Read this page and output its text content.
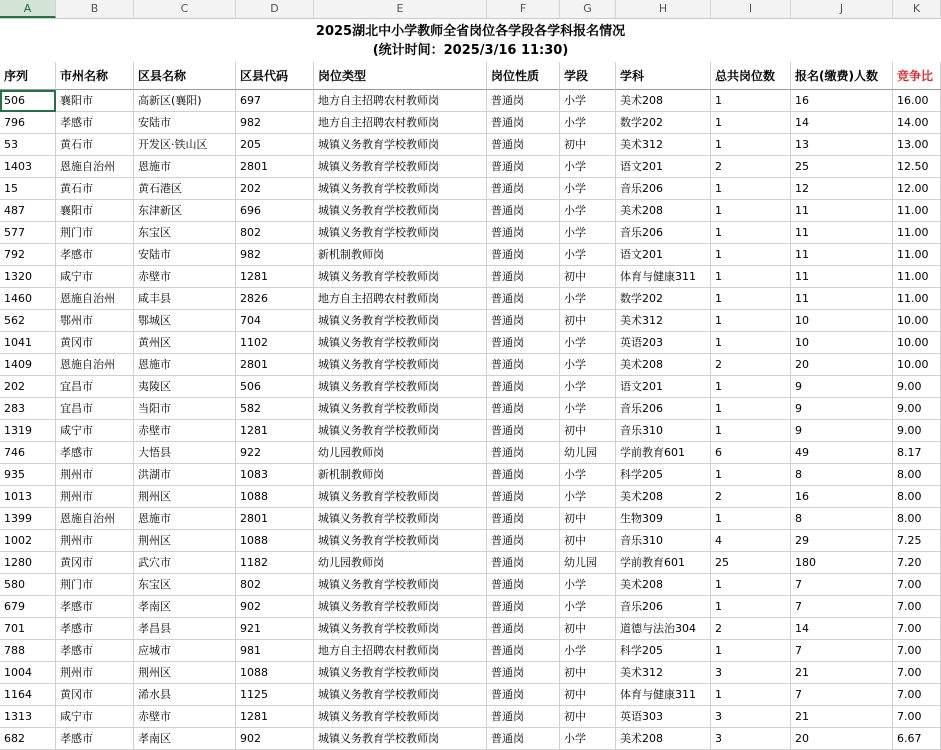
A	B	C	D	E	F	G	H	I	J	K
2025湖北中小学教师全省岗位各学段各学科报名情况
(统计时间：2025/3/16 11:30)
序列	市州名称	区县名称	区县代码	岗位类型	岗位性质	学段	学科	总共岗位数	报名(缴费)人数	竞争比
506	襄阳市	高新区(襄阳)	697	地方自主招聘农村教师岗	普通岗	小学	美术208	1	16	16.00
796	孝感市	安陆市	982	地方自主招聘农村教师岗	普通岗	小学	数学202	1	14	14.00
53	黄石市	开发区·铁山区	205	城镇义务教育学校教师岗	普通岗	初中	美术312	1	13	13.00
1403	恩施自治州	恩施市	2801	城镇义务教育学校教师岗	普通岗	小学	语文201	2	25	12.50
15	黄石市	黄石港区	202	城镇义务教育学校教师岗	普通岗	小学	音乐206	1	12	12.00
487	襄阳市	东津新区	696	城镇义务教育学校教师岗	普通岗	小学	美术208	1	11	11.00
577	荆门市	东宝区	802	城镇义务教育学校教师岗	普通岗	小学	音乐206	1	11	11.00
792	孝感市	安陆市	982	新机制教师岗	普通岗	小学	语文201	1	11	11.00
1320	咸宁市	赤壁市	1281	城镇义务教育学校教师岗	普通岗	初中	体育与健康311	1	11	11.00
1460	恩施自治州	咸丰县	2826	地方自主招聘农村教师岗	普通岗	小学	数学202	1	11	11.00
562	鄂州市	鄂城区	704	城镇义务教育学校教师岗	普通岗	初中	美术312	1	10	10.00
1041	黄冈市	黄州区	1102	城镇义务教育学校教师岗	普通岗	小学	英语203	1	10	10.00
1409	恩施自治州	恩施市	2801	城镇义务教育学校教师岗	普通岗	小学	美术208	2	20	10.00
202	宜昌市	夷陵区	506	城镇义务教育学校教师岗	普通岗	小学	语文201	1	9	9.00
283	宜昌市	当阳市	582	城镇义务教育学校教师岗	普通岗	小学	音乐206	1	9	9.00
1319	咸宁市	赤壁市	1281	城镇义务教育学校教师岗	普通岗	初中	音乐310	1	9	9.00
746	孝感市	大悟县	922	幼儿园教师岗	普通岗	幼儿园	学前教育601	6	49	8.17
935	荆州市	洪湖市	1083	新机制教师岗	普通岗	小学	科学205	1	8	8.00
1013	荆州市	荆州区	1088	城镇义务教育学校教师岗	普通岗	小学	美术208	2	16	8.00
1399	恩施自治州	恩施市	2801	城镇义务教育学校教师岗	普通岗	初中	生物309	1	8	8.00
1002	荆州市	荆州区	1088	城镇义务教育学校教师岗	普通岗	初中	音乐310	4	29	7.25
1280	黄冈市	武穴市	1182	幼儿园教师岗	普通岗	幼儿园	学前教育601	25	180	7.20
580	荆门市	东宝区	802	城镇义务教育学校教师岗	普通岗	小学	美术208	1	7	7.00
679	孝感市	孝南区	902	城镇义务教育学校教师岗	普通岗	小学	音乐206	1	7	7.00
701	孝感市	孝昌县	921	城镇义务教育学校教师岗	普通岗	初中	道德与法治304	2	14	7.00
788	孝感市	应城市	981	地方自主招聘农村教师岗	普通岗	小学	科学205	1	7	7.00
1004	荆州市	荆州区	1088	城镇义务教育学校教师岗	普通岗	初中	美术312	3	21	7.00
1164	黄冈市	浠水县	1125	城镇义务教育学校教师岗	普通岗	初中	体育与健康311	1	7	7.00
1313	咸宁市	赤壁市	1281	城镇义务教育学校教师岗	普通岗	初中	英语303	3	21	7.00
682	孝感市	孝南区	902	城镇义务教育学校教师岗	普通岗	小学	美术208	3	20	6.67
